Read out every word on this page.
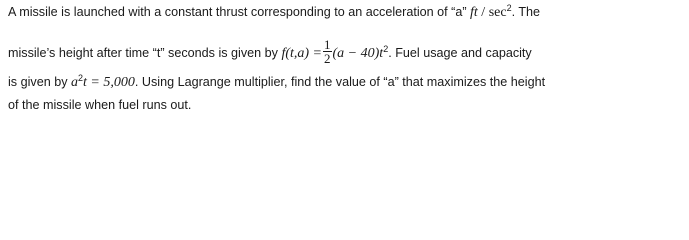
A missile is launched with a constant thrust corresponding to an acceleration of “a” ft / $\sec^2$. The
missile’s height after time “t” seconds is given by $f(t,a) = \frac{1}{2} (a - 40)t^2$. Fuel usage and capacity
is given by $a^2t = 5,000$. Using Lagrange multiplier, find the value of “a” that maximizes the height
of the missile when fuel runs out.
